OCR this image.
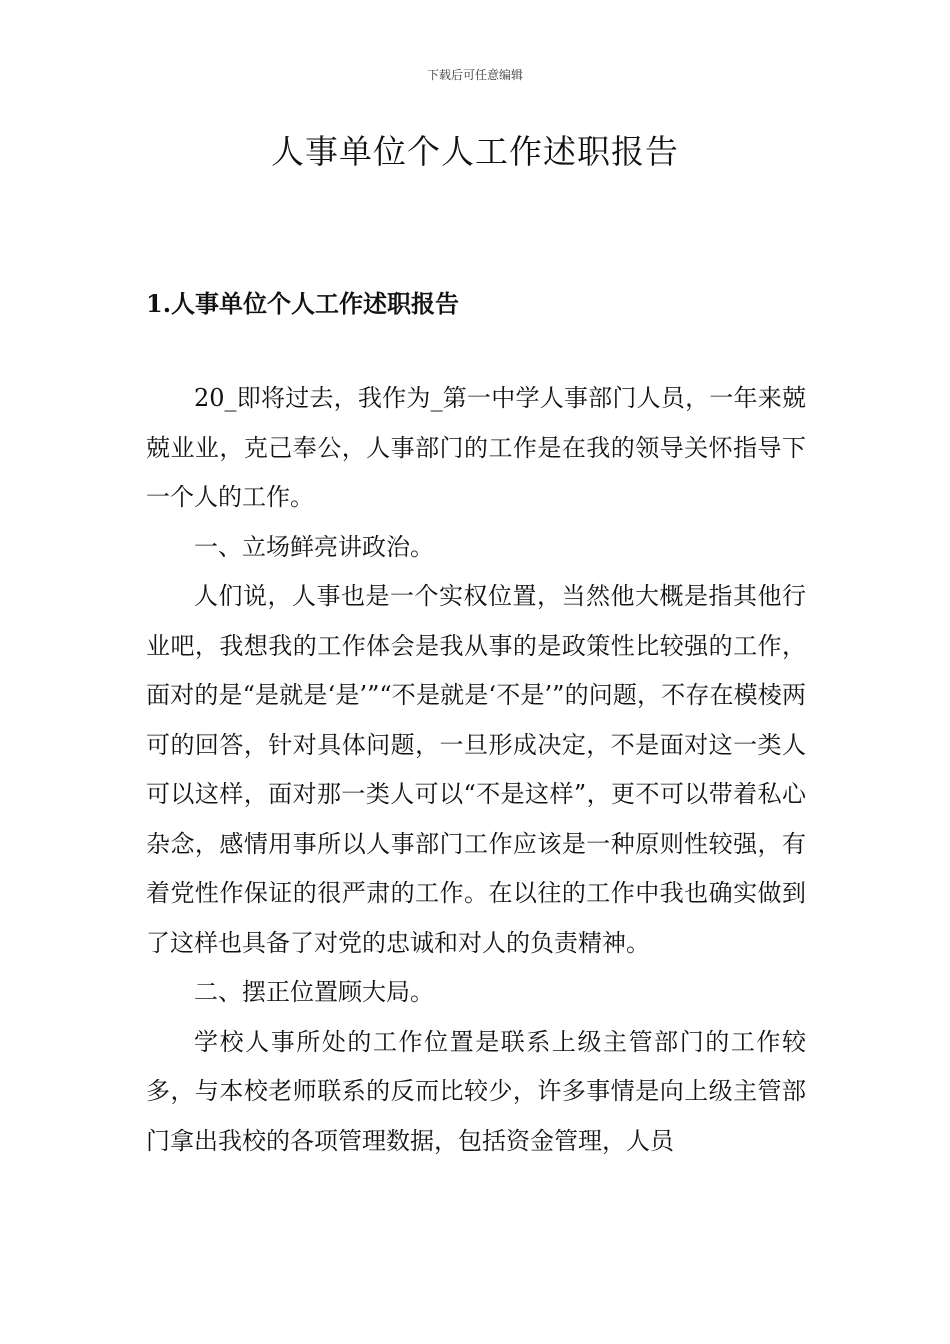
下载后可任意编辑
人事单位个人工作述职报告
1.人事单位个人工作述职报告

20_即将过去，我作为_第一中学人事部门人员，一年来兢兢业业，克己奉公，人事部门的工作是在我的领导关怀指导下一个人的工作。

一、立场鲜亮讲政治。

人们说，人事也是一个实权位置，当然他大概是指其他行业吧，我想我的工作体会是我从事的是政策性比较强的工作，面对的是“是就是‘是’”“不是就是‘不是’”的问题，不存在模棱两可的回答，针对具体问题，一旦形成决定，不是面对这一类人可以这样，面对那一类人可以“不是这样”，更不可以带着私心杂念，感情用事所以人事部门工作应该是一种原则性较强，有着党性作保证的很严肃的工作。在以往的工作中我也确实做到了这样也具备了对党的忠诚和对人的负责精神。

二、摆正位置顾大局。

学校人事所处的工作位置是联系上级主管部门的工作较多，与本校老师联系的反而比较少，许多事情是向上级主管部门拿出我校的各项管理数据，包括资金管理，人员
